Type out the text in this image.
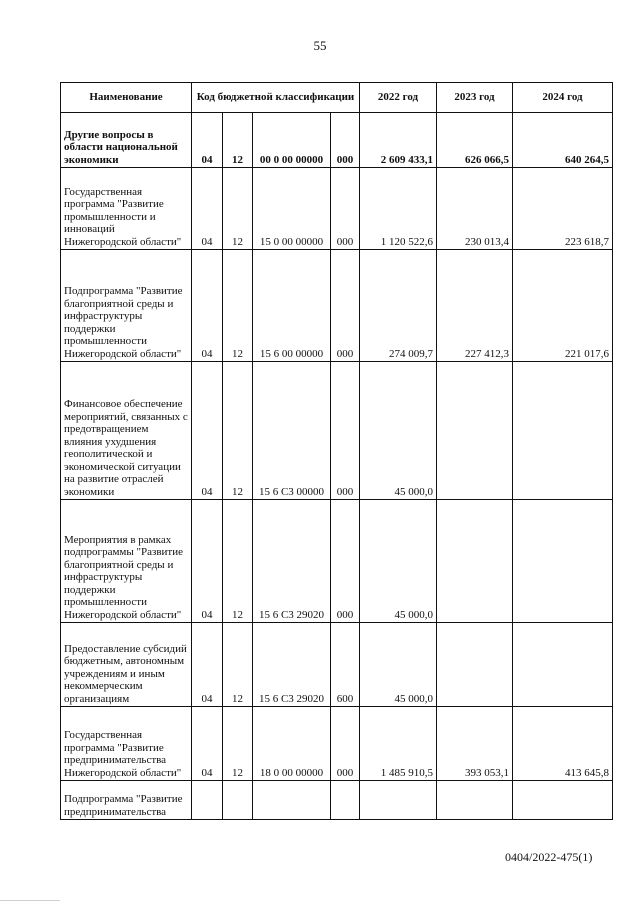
55
Наименование	Код бюджетной классификации				2022 год	2023 год	2024 год
Другие вопросы в области национальной экономики	04	12	00 0 00 00000	000	2 609 433,1	626 066,5	640 264,5
Государственная программа "Развитие промышленности и инноваций Нижегородской области"	04	12	15 0 00 00000	000	1 120 522,6	230 013,4	223 618,7
Подпрограмма "Развитие благоприятной среды и инфраструктуры поддержки промышленности Нижегородской области"	04	12	15 6 00 00000	000	274 009,7	227 412,3	221 017,6
Финансовое обеспечение мероприятий, связанных с предотвращением влияния ухудшения геополитической и экономической ситуации на развитие отраслей экономики	04	12	15 6 С3 00000	000	45 000,0		
Мероприятия в рамках подпрограммы "Развитие благоприятной среды и инфраструктуры поддержки промышленности Нижегородской области"	04	12	15 6 С3 29020	000	45 000,0		
Предоставление субсидий бюджетным, автономным учреждениям и иным некоммерческим организациям	04	12	15 6 С3 29020	600	45 000,0		
Государственная программа "Развитие предпринимательства Нижегородской области"	04	12	18 0 00 00000	000	1 485 910,5	393 053,1	413 645,8
Подпрограмма "Развитие предпринимательства							
0404/2022-475(1)
